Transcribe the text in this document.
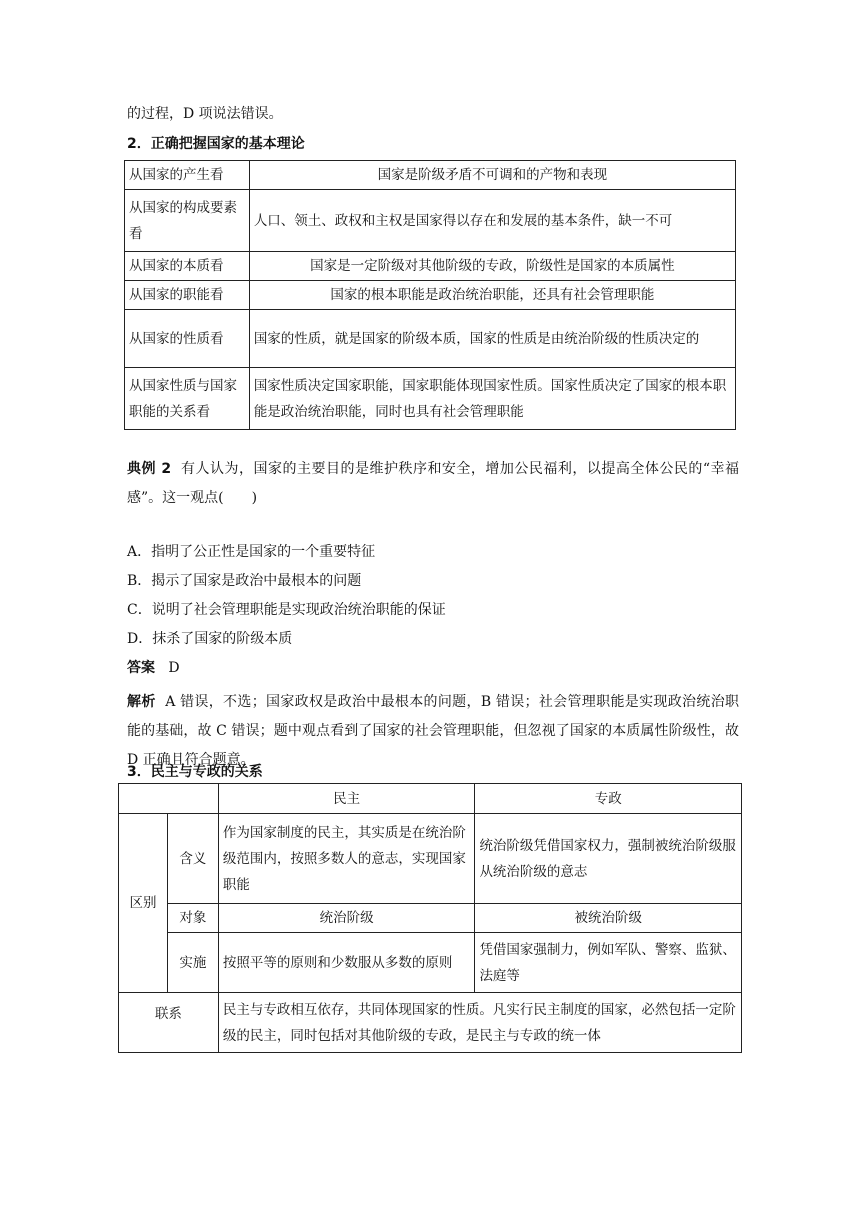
的过程，D 项说法错误。
2．正确把握国家的基本理论
从国家的产生看	国家是阶级矛盾不可调和的产物和表现
从国家的构成要素看	人口、领土、政权和主权是国家得以存在和发展的基本条件，缺一不可
从国家的本质看	国家是一定阶级对其他阶级的专政，阶级性是国家的本质属性
从国家的职能看	国家的根本职能是政治统治职能，还具有社会管理职能
从国家的性质看	国家的性质，就是国家的阶级本质，国家的性质是由统治阶级的性质决定的
从国家性质与国家职能的关系看	国家性质决定国家职能，国家职能体现国家性质。国家性质决定了国家的根本职能是政治统治职能，同时也具有社会管理职能
典例 2 有人认为，国家的主要目的是维护秩序和安全，增加公民福利，以提高全体公民的“幸福感”。这一观点(　　)
A．指明了公正性是国家的一个重要特征
B．揭示了国家是政治中最根本的问题
C．说明了社会管理职能是实现政治统治职能的保证
D．抹杀了国家的阶级本质
答案 D
解析 A 错误，不选；国家政权是政治中最根本的问题，B 错误；社会管理职能是实现政治统治职能的基础，故 C 错误；题中观点看到了国家的社会管理职能，但忽视了国家的本质属性阶级性，故 D 正确且符合题意。
3．民主与专政的关系
		民主	专政
区别	含义	作为国家制度的民主，其实质是在统治阶级范围内，按照多数人的意志，实现国家职能	统治阶级凭借国家权力，强制被统治阶级服从统治阶级的意志
	对象	统治阶级	被统治阶级
	实施	按照平等的原则和少数服从多数的原则	凭借国家强制力，例如军队、警察、监狱、法庭等
联系		民主与专政相互依存，共同体现国家的性质。凡实行民主制度的国家，必然包括一定阶级的民主，同时包括对其他阶级的专政，是民主与专政的统一体	
